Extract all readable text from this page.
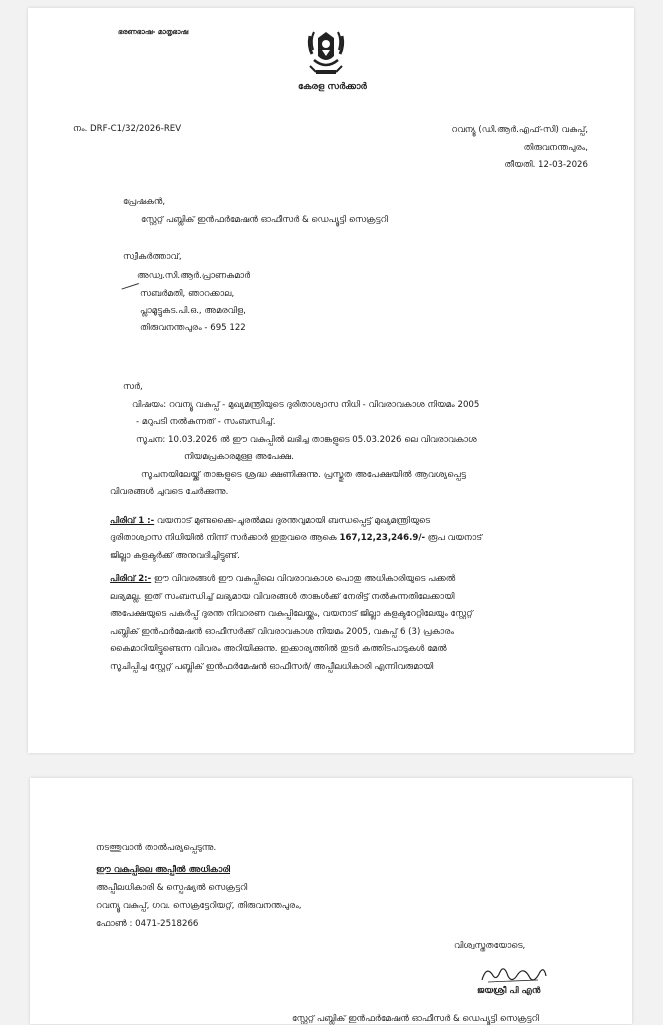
ഭരണഭാഷ- മാതൃഭാഷ
കേരള സർക്കാർ
നം. DRF-C1/32/2026-REV	റവന്യൂ (ഡി.ആർ.എഫ്-സി) വകുപ്പ്,
തിരുവനന്തപുരം,
തീയതി. 12-03-2026
പ്രേഷകൻ,
സ്റ്റേറ്റ് പബ്ലിക് ഇൻഫർമേഷൻ ഓഫീസർ & ഡെപ്യൂട്ടി സെക്രട്ടറി
സ്വീകർത്താവ്,
അഡ്വ.സി.ആർ.പ്രാണകുമാർ
സബർമതി, ഞാറക്കാല,
പ്ലാമൂട്ടുകട.പി.ഒ., അമരവിള,
തിരുവനന്തപുരം - 695 122
സർ,
വിഷയം: റവന്യൂ വകുപ്പ് - മുഖ്യമന്ത്രിയുടെ ദുരിതാശ്വാസ നിധി - വിവരാവകാശ നിയമം 2005
- മറുപടി നൽകുന്നത് - സംബന്ധിച്ച്.
സൂചന: 10.03.2026 ൽ ഈ വകുപ്പിൽ ലഭിച്ച താങ്കളുടെ 05.03.2026 ലെ വിവരാവകാശ
നിയമപ്രകാരമുള്ള അപേക്ഷ.
സൂചനയിലേയ്ക്ക് താങ്കളുടെ ശ്രദ്ധ ക്ഷണിക്കുന്നു. പ്രസ്തുത അപേക്ഷയിൽ ആവശ്യപ്പെട്ട
വിവരങ്ങൾ ചുവടെ ചേർക്കുന്നു.
പിരിവ് 1 :- വയനാട് മുണ്ടക്കൈ-ചൂരൽമല ദുരന്തവുമായി ബന്ധപ്പെട്ട് മുഖ്യമന്ത്രിയുടെ
ദുരിതാശ്വാസ നിധിയിൽ നിന്ന് സർക്കാർ ഇതുവരെ ആകെ 167,12,23,246.9/- രൂപ വയനാട്
ജില്ലാ കളക്ടർക്ക് അനുവദിച്ചിട്ടുണ്ട്.
പിരിവ് 2:- ഈ വിവരങ്ങൾ ഈ വകുപ്പിലെ വിവരാവകാശ പൊതു അധികാരിയുടെ പക്കൽ
ലഭ്യമല്ല. ഇത് സംബന്ധിച്ച് ലഭ്യമായ വിവരങ്ങൾ താങ്കൾക്ക് നേരിട്ട് നൽകുന്നതിലേക്കായി
അപേക്ഷയുടെ പകർപ്പ് ദുരന്ത നിവാരണ വകുപ്പിലേയ്ക്കും, വയനാട് ജില്ലാ കളക്ടറേറ്റിലേയും സ്റ്റേറ്റ്
പബ്ലിക് ഇൻഫർമേഷൻ ഓഫീസർക്ക് വിവരാവകാശ നിയമം 2005, വകുപ്പ് 6 (3) പ്രകാരം
കൈമാറിയിട്ടുണ്ടെന്ന വിവരം അറിയിക്കുന്നു. ഇക്കാര്യത്തിൽ തുടർ കത്തിടപാടുകൾ മേൽ
സൂചിപ്പിച്ച സ്റ്റേറ്റ് പബ്ലിക് ഇൻഫർമേഷൻ ഓഫീസർ/ അപ്പീലധികാരി എന്നിവരുമായി
നടത്തുവാൻ താൽപര്യപ്പെടുന്നു.
ഈ വകുപ്പിലെ അപ്പീൽ അധികാരി
അപ്പീലധികാരി & സ്പെഷ്യൽ സെക്രട്ടറി
റവന്യൂ വകുപ്പ്, ഗവ. സെക്രട്ടേറിയറ്റ്, തിരുവനന്തപുരം,
ഫോൺ : 0471-2518266
വിശ്വസ്തതയോടെ,
ജയശ്രീ പി എൻ
സ്റ്റേറ്റ് പബ്ലിക് ഇൻഫർമേഷൻ ഓഫീസർ & ഡെപ്യൂട്ടി സെക്രട്ടറി
